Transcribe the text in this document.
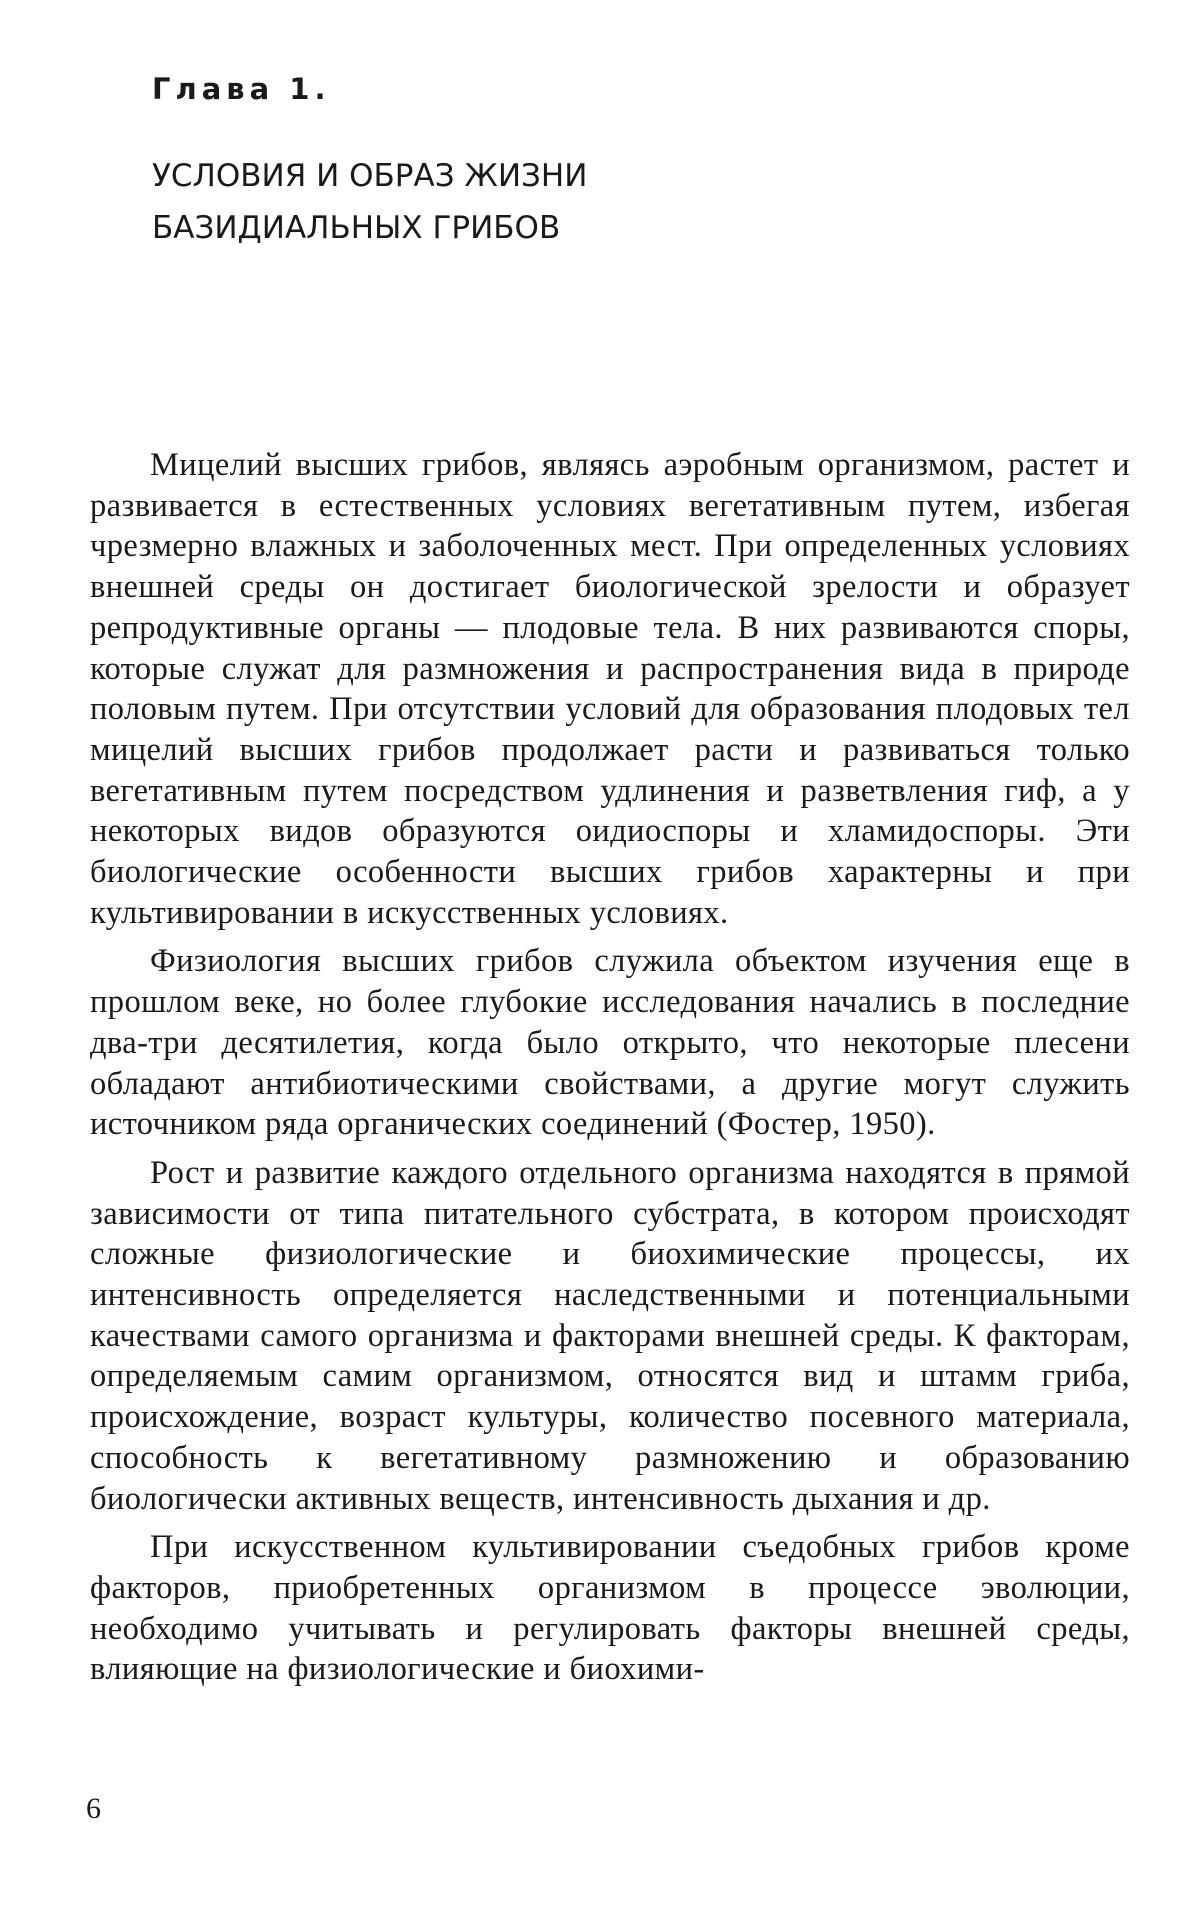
Глава 1.
УСЛОВИЯ И ОБРАЗ ЖИЗНИ
БАЗИДИАЛЬНЫХ ГРИБОВ

Мицелий высших грибов, являясь аэробным организмом, растет и развивается в естественных условиях вегетативным путем, избегая чрезмерно влажных и заболоченных мест. При определенных условиях внешней среды он достигает биологической зрелости и образует репродуктивные органы — плодовые тела. В них развиваются споры, которые служат для размножения и распространения вида в природе половым путем. При отсутствии условий для образования плодовых тел мицелий высших грибов продолжает расти и развиваться только вегетативным путем посредством удлинения и разветвления гиф, а у некоторых видов образуются оидиоспоры и хламидоспоры. Эти биологические особенности высших грибов характерны и при культивировании в искусственных условиях.

Физиология высших грибов служила объектом изучения еще в прошлом веке, но более глубокие исследования начались в последние два-три десятилетия, когда было открыто, что некоторые плесени обладают антибиотическими свойствами, а другие могут служить источником ряда органических соединений (Фостер, 1950).

Рост и развитие каждого отдельного организма находятся в прямой зависимости от типа питательного субстрата, в котором происходят сложные физиологические и биохимические процессы, их интенсивность определяется наследственными и потенциальными качествами самого организма и факторами внешней среды. К факторам, определяемым самим организмом, относятся вид и штамм гриба, происхождение, возраст культуры, количество посевного материала, способность к вегетативному размножению и образованию биологически активных веществ, интенсивность дыхания и др.

При искусственном культивировании съедобных грибов кроме факторов, приобретенных организмом в процессе эволюции, необходимо учитывать и регулировать факторы внешней среды, влияющие на физиологические и биохими-

6
